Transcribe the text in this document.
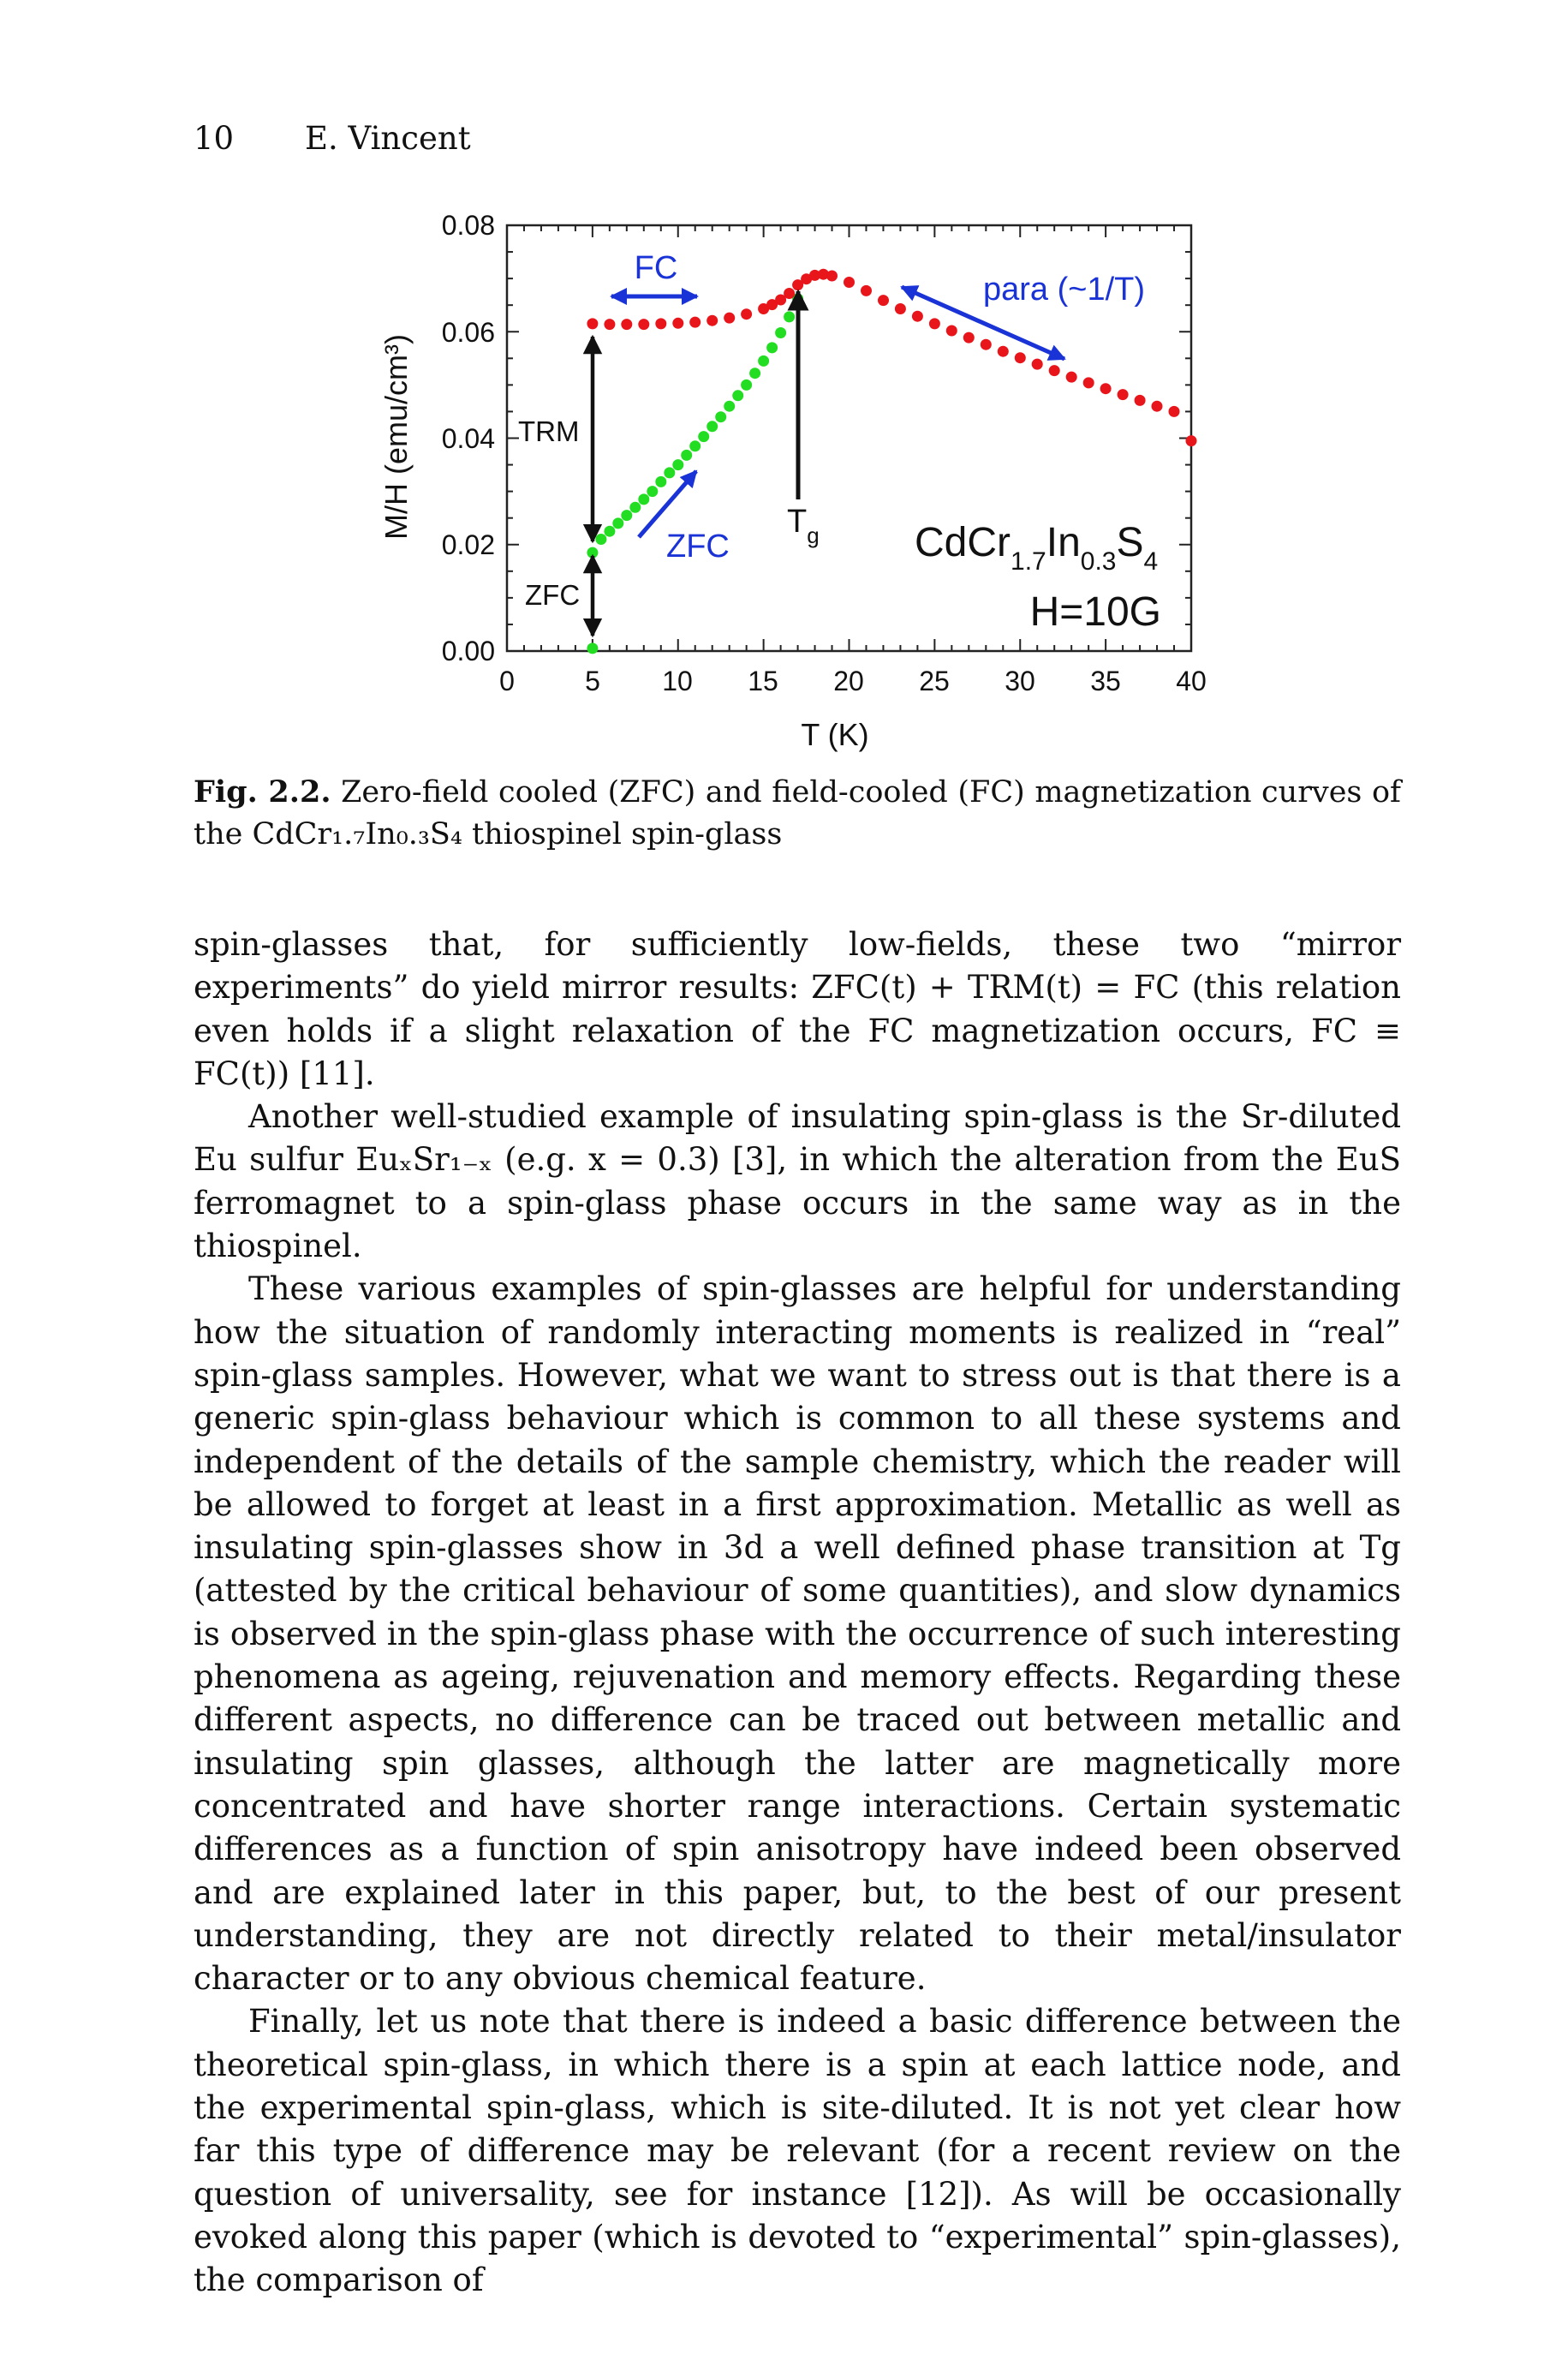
10 E. Vincent
0	5 10 15 20 25 30 35 40
0.00
0.02
0.04
0.06
0.08
T (K)
M/H (emu/cm³)
FC
para (~1/T)
ZFC
TRM
ZFC
$T_g$ $CdCr_{1.7}In_{0.3}S_4$
H=10G
Fig. 2.2. Zero-field cooled (ZFC) and field-cooled (FC) magnetization curves of the CdCr₁.₇In₀.₃S₄ thiospinel spin-glass

spin-glasses that, for sufficiently low-fields, these two “mirror experiments” do yield mirror results: ZFC(t) + TRM(t) = FC (this relation even holds if a slight relaxation of the FC magnetization occurs, FC ≡ FC(t)) [11].

Another well-studied example of insulating spin-glass is the Sr-diluted Eu sulfur EuₓSr₁₋ₓ (e.g. x = 0.3) [3], in which the alteration from the EuS ferromagnet to a spin-glass phase occurs in the same way as in the thiospinel.

These various examples of spin-glasses are helpful for understanding how the situation of randomly interacting moments is realized in “real” spin-glass samples. However, what we want to stress out is that there is a generic spin-glass behaviour which is common to all these systems and independent of the details of the sample chemistry, which the reader will be allowed to forget at least in a first approximation. Metallic as well as insulating spin-glasses show in 3d a well defined phase transition at Tg (attested by the critical behaviour of some quantities), and slow dynamics is observed in the spin-glass phase with the occurrence of such interesting phenomena as ageing, rejuvenation and memory effects. Regarding these different aspects, no difference can be traced out between metallic and insulating spin glasses, although the latter are magnetically more concentrated and have shorter range interactions. Certain systematic differences as a function of spin anisotropy have indeed been observed and are explained later in this paper, but, to the best of our present understanding, they are not directly related to their metal/insulator character or to any obvious chemical feature.

Finally, let us note that there is indeed a basic difference between the theoretical spin-glass, in which there is a spin at each lattice node, and the experimental spin-glass, which is site-diluted. It is not yet clear how far this type of difference may be relevant (for a recent review on the question of universality, see for instance [12]). As will be occasionally evoked along this paper (which is devoted to “experimental” spin-glasses), the comparison of
